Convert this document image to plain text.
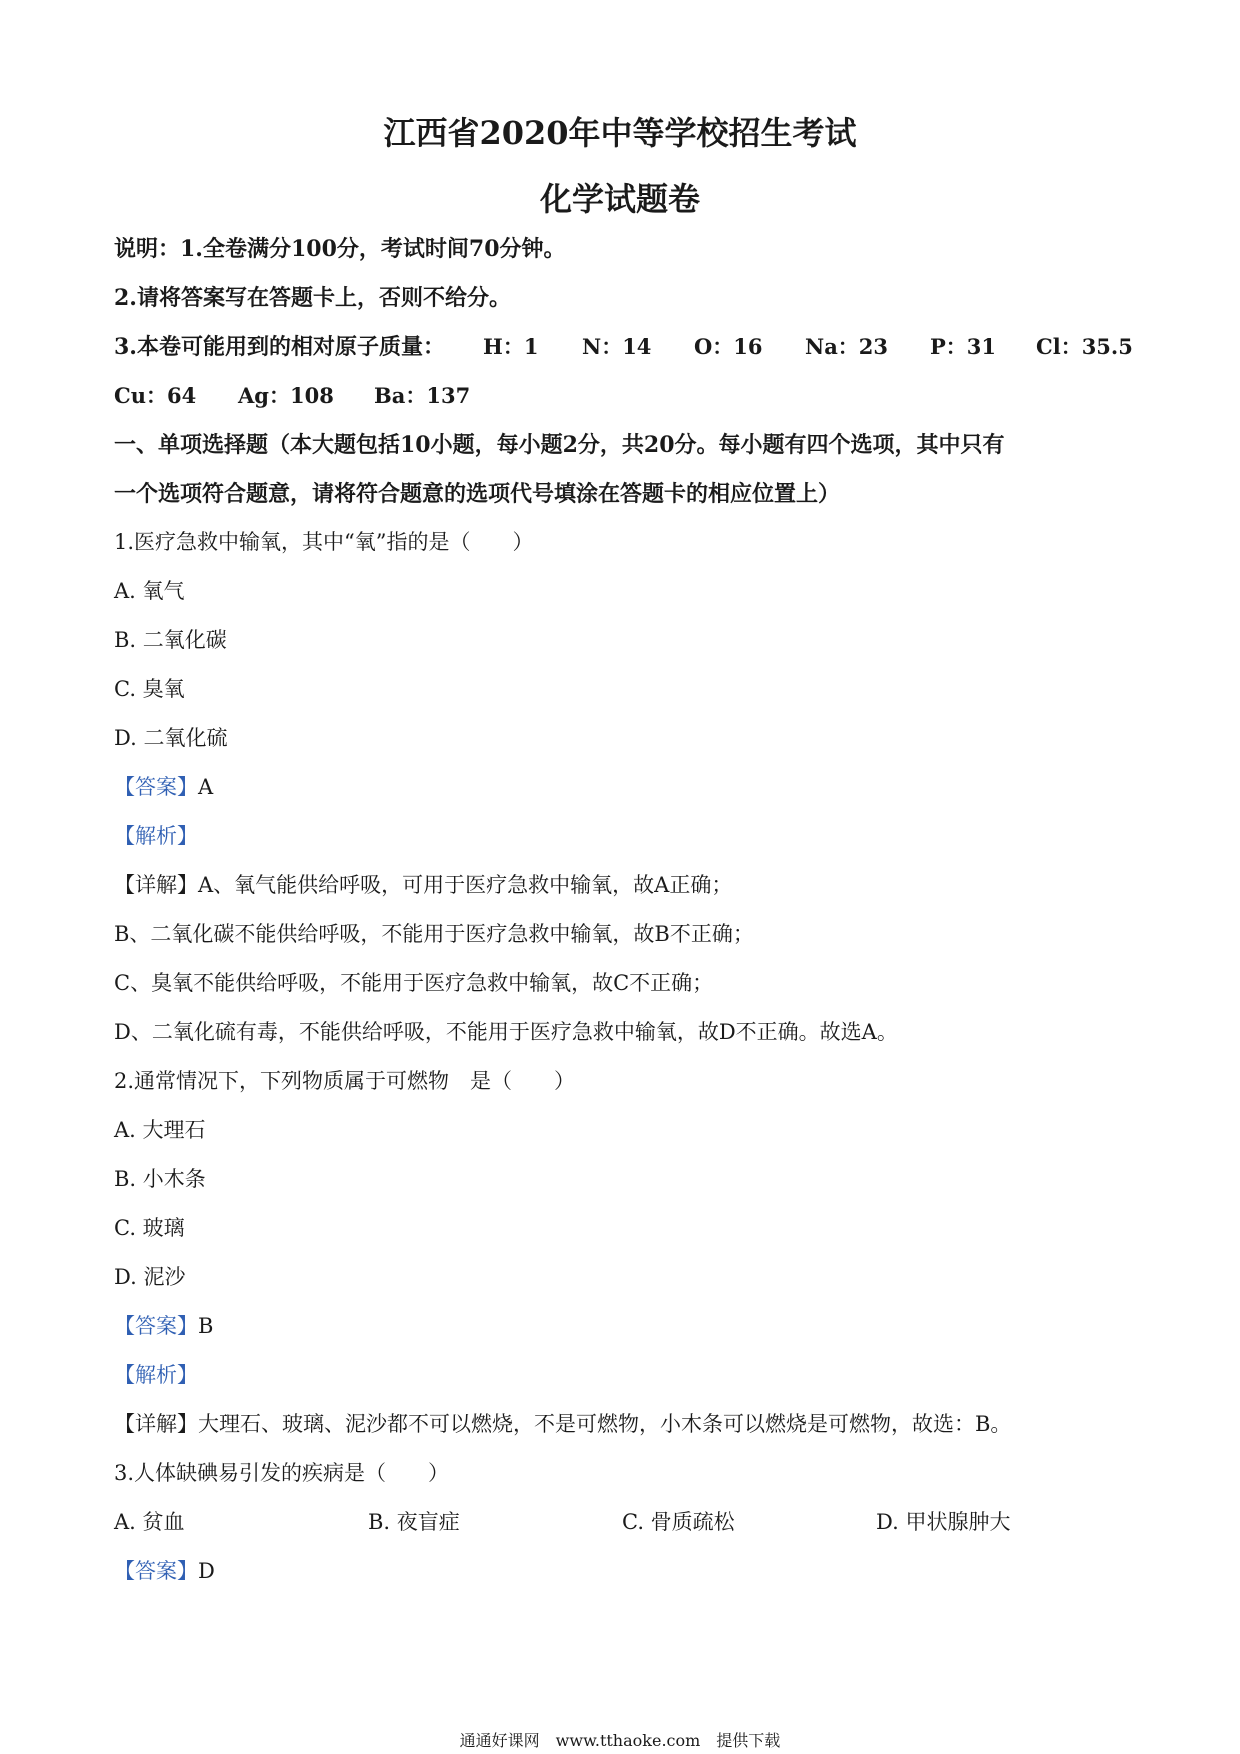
江西省2020年中等学校招生考试
化学试题卷
说明：1.全卷满分100分，考试时间70分钟。
2.请将答案写在答题卡上，否则不给分。
3.本卷可能用到的相对原子质量： H：1 N：14 O：16 Na：23 P：31 Cl：35.5
Cu：64 Ag：108 Ba：137
一、单项选择题（本大题包括10小题，每小题2分，共20分。每小题有四个选项，其中只有
一个选项符合题意，请将符合题意的选项代号填涂在答题卡的相应位置上）
1.医疗急救中输氧，其中“氧”指的是（　　）
A. 氧气
B. 二氧化碳
C. 臭氧
D. 二氧化硫
【答案】A
【解析】
【详解】A、氧气能供给呼吸，可用于医疗急救中输氧，故A正确；
B、二氧化碳不能供给呼吸，不能用于医疗急救中输氧，故B不正确；
C、臭氧不能供给呼吸，不能用于医疗急救中输氧，故C不正确；
D、二氧化硫有毒，不能供给呼吸，不能用于医疗急救中输氧，故D不正确。故选A。
2.通常情况下，下列物质属于可燃物　是（　　）
A. 大理石
B. 小木条
C. 玻璃
D. 泥沙
【答案】B
【解析】
【详解】大理石、玻璃、泥沙都不可以燃烧，不是可燃物，小木条可以燃烧是可燃物，故选：B。
3.人体缺碘易引发的疾病是（　　）
A. 贫血	B. 夜盲症	C. 骨质疏松	D. 甲状腺肿大
【答案】D
通通好课网　www.tthaoke.com　提供下载
